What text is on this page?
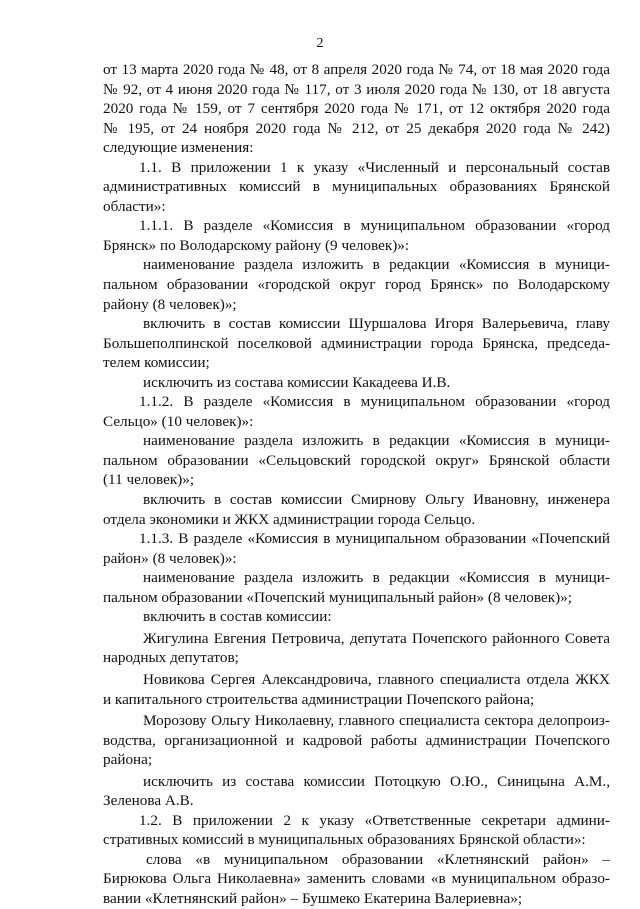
2
от 13 марта 2020 года № 48, от 8 апреля 2020 года № 74, от 18 мая 2020 года
№ 92, от 4 июня 2020 года № 117, от 3 июля 2020 года № 130, от 18 августа
2020 года № 159, от 7 сентября 2020 года № 171, от 12 октября 2020 года
№ 195, от 24 ноября 2020 года № 212, от 25 декабря 2020 года № 242)
следующие изменения:
1.1. В приложении 1 к указу «Численный и персональный состав
административных комиссий в муниципальных образованиях Брянской
области»:
1.1.1. В разделе «Комиссия в муниципальном образовании «город
Брянск» по Володарскому району (9 человек)»:
наименование раздела изложить в редакции «Комиссия в муници-
пальном образовании «городской округ город Брянск» по Володарскому
району (8 человек)»;
включить в состав комиссии Шуршалова Игоря Валерьевича, главу
Большеполпинской поселковой администрации города Брянска, председа-
телем комиссии;
исключить из состава комиссии Какадеева И.В.
1.1.2. В разделе «Комиссия в муниципальном образовании «город
Сельцо» (10 человек)»:
наименование раздела изложить в редакции «Комиссия в муници-
пальном образовании «Сельцовский городской округ» Брянской области
(11 человек)»;
включить в состав комиссии Смирнову Ольгу Ивановну, инженера
отдела экономики и ЖКХ администрации города Сельцо.
1.1.3. В разделе «Комиссия в муниципальном образовании «Почепский
район» (8 человек)»:
наименование раздела изложить в редакции «Комиссия в муници-
пальном образовании «Почепский муниципальный район» (8 человек)»;
включить в состав комиссии:
Жигулина Евгения Петровича, депутата Почепского районного Совета
народных депутатов;
Новикова Сергея Александровича, главного специалиста отдела ЖКХ
и капитального строительства администрации Почепского района;
Морозову Ольгу Николаевну, главного специалиста сектора делопроиз-
водства, организационной и кадровой работы администрации Почепского
района;
исключить из состава комиссии Потоцкую О.Ю., Синицына А.М.,
Зеленова А.В.
1.2. В приложении 2 к указу «Ответственные секретари админи-
стративных комиссий в муниципальных образованиях Брянской области»:
слова «в муниципальном образовании «Клетнянский район» –
Бирюкова Ольга Николаевна» заменить словами «в муниципальном образо-
вании «Клетнянский район» – Бушмеко Екатерина Валериевна»;
